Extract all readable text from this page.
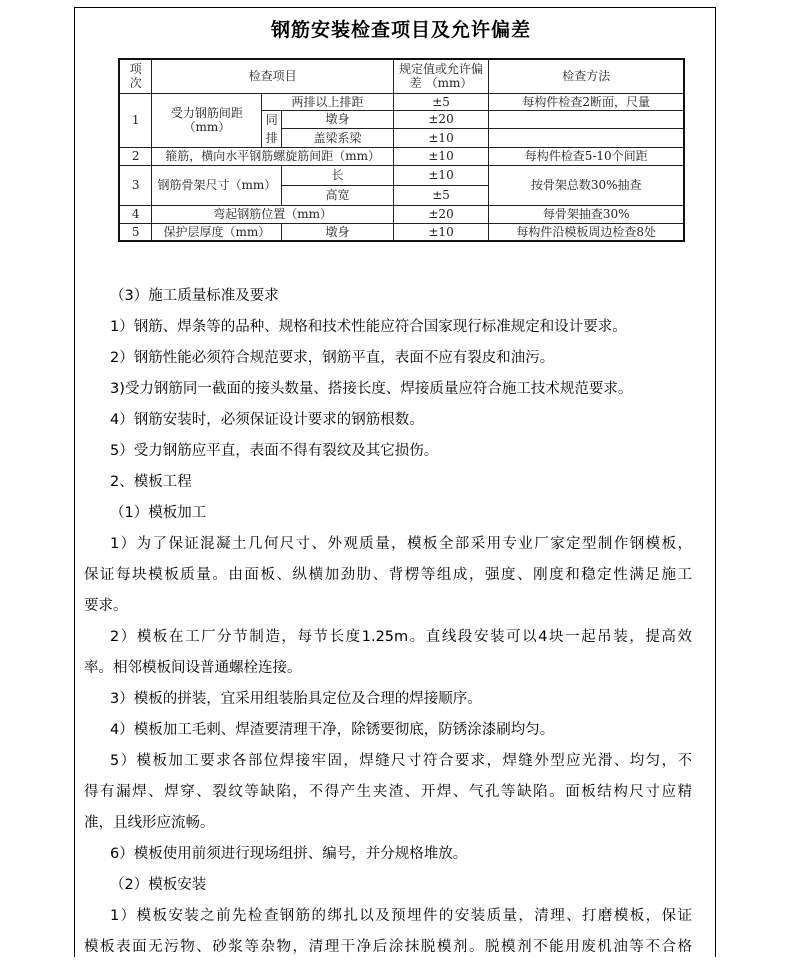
钢筋安装检查项目及允许偏差
项次	检查项目			规定值或允许偏差 （mm）	检查方法
1	受力钢筋间距（mm）	两排以上排距		±5	每构件检查2断面，尺量
		同排	墩身	±20	
			盖梁系梁	±10	
2	箍筋，横向水平钢筋螺旋筋间距（mm）			±10	每构件检查5-10个间距
3	钢筋骨架尺寸（mm）		长	±10	按骨架总数30%抽查
			高宽	±5	
4	弯起钢筋位置（mm）			±20	每骨架抽查30%
5	保护层厚度（mm）		墩身	±10	每构件沿模板周边检查8处

（3）施工质量标准及要求

1）钢筋、焊条等的品种、规格和技术性能应符合国家现行标准规定和设计要求。

2）钢筋性能必须符合规范要求，钢筋平直，表面不应有裂皮和油污。

3)受力钢筋同一截面的接头数量、搭接长度、焊接质量应符合施工技术规范要求。

4）钢筋安装时，必须保证设计要求的钢筋根数。

5）受力钢筋应平直，表面不得有裂纹及其它损伤。

2、模板工程

（1）模板加工

1）为了保证混凝土几何尺寸、外观质量，模板全部采用专业厂家定型制作钢模板，

保证每块模板质量。由面板、纵横加劲肋、背楞等组成，强度、刚度和稳定性满足施工

要求。

2）模板在工厂分节制造，每节长度1.25m。直线段安装可以4块一起吊装，提高效

率。相邻模板间设普通螺栓连接。

3）模板的拼装，宜采用组装胎具定位及合理的焊接顺序。

4）模板加工毛刺、焊渣要清理干净，除锈要彻底，防锈涂漆刷均匀。

5）模板加工要求各部位焊接牢固，焊缝尺寸符合要求，焊缝外型应光滑、均匀，不

得有漏焊、焊穿、裂纹等缺陷，不得产生夹渣、开焊、气孔等缺陷。面板结构尺寸应精

准，且线形应流畅。

6）模板使用前须进行现场组拼、编号，并分规格堆放。

（2）模板安装

1）模板安装之前先检查钢筋的绑扎以及预埋件的安装质量，清理、打磨模板，保证

模板表面无污物、砂浆等杂物，清理干净后涂抹脱模剂。脱模剂不能用废机油等不合格
